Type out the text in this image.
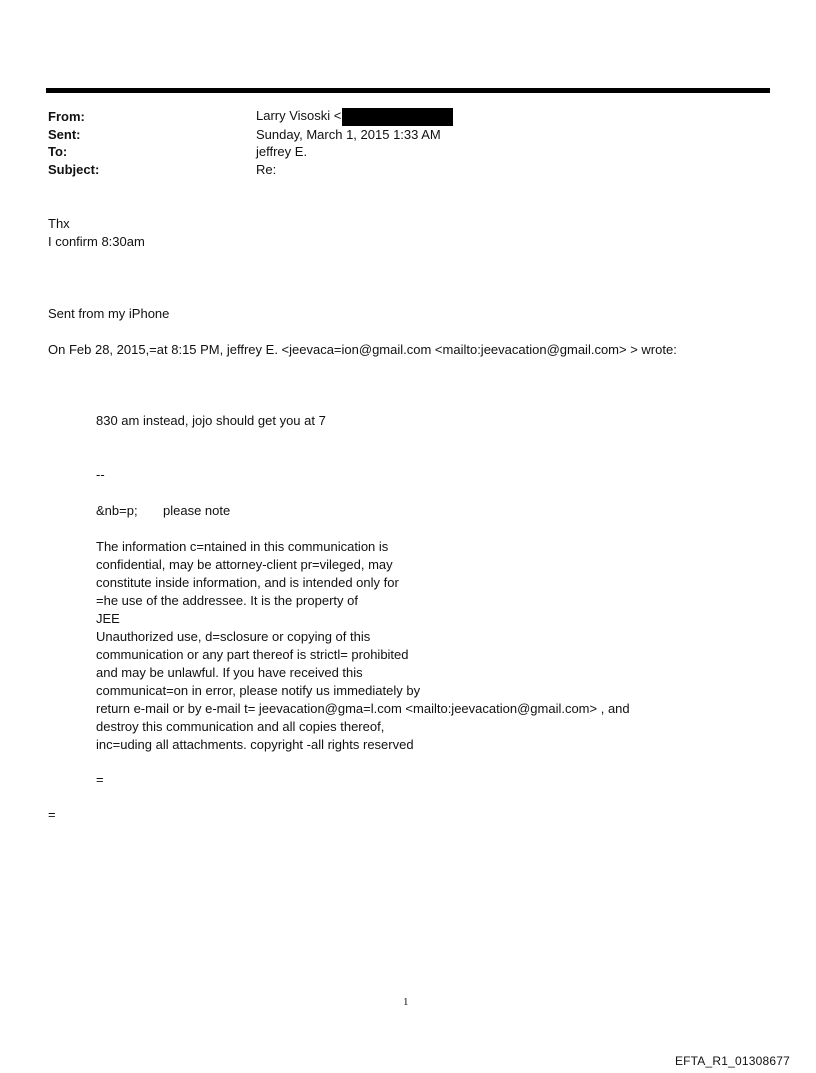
From:	Larry Visoski <
Sent:	Sunday, March 1, 2015 1:33 AM
To:	jeffrey E.
Subject:	Re:
Thx
I confirm 8:30am
Sent from my iPhone
On Feb 28, 2015,=at 8:15 PM, jeffrey E. <jeevaca=ion@gmail.com <mailto:jeevacation@gmail.com> > wrote:
830 am instead, jojo should get you at 7
--
&nb=p; please note
The information c=ntained in this communication is
confidential, may be attorney-client pr=vileged, may
constitute inside information, and is intended only for
=he use of the addressee. It is the property of
JEE
Unauthorized use, d=sclosure or copying of this
communication or any part thereof is strictl= prohibited
and may be unlawful. If you have received this
communicat=on in error, please notify us immediately by
return e-mail or by e-mail t= jeevacation@gma=l.com <mailto:jeevacation@gmail.com> , and
destroy this communication and all copies thereof,
inc=uding all attachments. copyright -all rights reserved
=
=
1
EFTA_R1_01308677
